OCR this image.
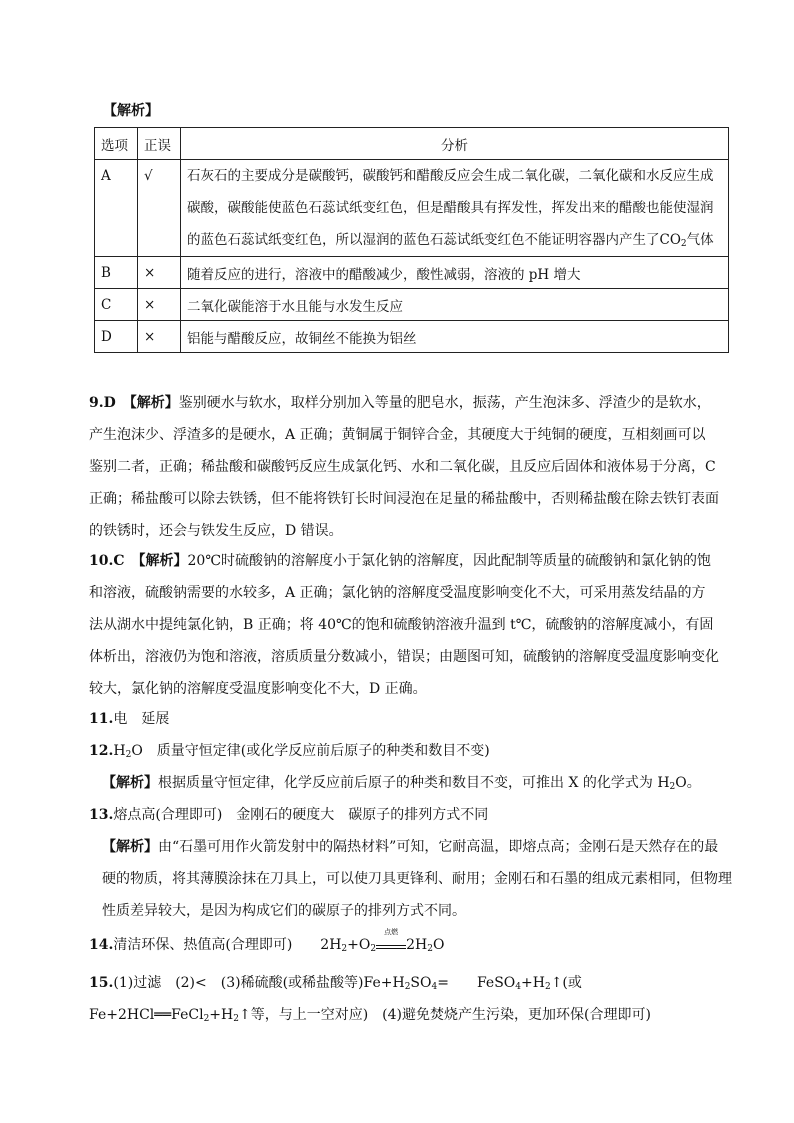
【解析】
选项	正误	分析
A	√	石灰石的主要成分是碳酸钙，碳酸钙和醋酸反应会生成二氧化碳，二氧化碳和水反应生成碳酸，碳酸能使蓝色石蕊试纸变红色，但是醋酸具有挥发性，挥发出来的醋酸也能使湿润的蓝色石蕊试纸变红色，所以湿润的蓝色石蕊试纸变红色不能证明容器内产生了$CO_2$气体
B	×	随着反应的进行，溶液中的醋酸减少，酸性减弱，溶液的 pH 增大
C	×	二氧化碳能溶于水且能与水发生反应
D	×	铝能与醋酸反应，故铜丝不能换为铝丝
9.D　 【解析】鉴别硬水与软水，取样分别加入等量的肥皂水，振荡，产生泡沫多、浮渣少的是软水，产生泡沫少、浮渣多的是硬水，A 正确；黄铜属于铜锌合金，其硬度大于纯铜的硬度，互相刻画可以鉴别二者，正确；稀盐酸和碳酸钙反应生成氯化钙、水和二氧化碳，且反应后固体和液体易于分离，C 正确；稀盐酸可以除去铁锈，但不能将铁钉长时间浸泡在足量的稀盐酸中，否则稀盐酸在除去铁钉表面的铁锈时，还会与铁发生反应，D 错误。
10.C　 【解析】20℃时硫酸钠的溶解度小于氯化钠的溶解度，因此配制等质量的硫酸钠和氯化钠的饱和溶液，硫酸钠需要的水较多，A 正确；氯化钠的溶解度受温度影响变化不大，可采用蒸发结晶的方法从湖水中提纯氯化钠，B 正确；将 40℃的饱和硫酸钠溶液升温到 t℃，硫酸钠的溶解度减小，有固体析出，溶液仍为饱和溶液，溶质质量分数减小，错误；由题图可知，硫酸钠的溶解度受温度影响变化较大，氯化钠的溶解度受温度影响变化不大，D 正确。
11.电　延展
$12.H_2O$　 质量守恒定律(或化学反应前后原子的种类和数目不变)
【解析】根据质量守恒定律，化学反应前后原子的种类和数目不变，可推出 X 的化学式为 $H_2O$。
13.熔点高(合理即可)　金刚石的硬度大　碳原子的排列方式不同
【解析】由“石墨可用作火箭发射中的隔热材料”可知，它耐高温，即熔点高；金刚石是天然存在的最硬的物质，将其薄膜涂抹在刀具上，可以使刀具更锋利、耐用；金刚石和石墨的组成元素相同，但物理性质差异较大，是因为构成它们的碳原子的排列方式不同。
14.清洁环保、热值高(合理即可)　　 $2H_2+O_2$
点燃
$2H_2O$
15.(1)过滤　(2)<　(3)稀硫酸(或稀盐酸等)$Fe+H_2SO_4=$　　$FeSO_4+H_2↑$(或 $Fe+2HCl══FeCl_2+H_2↑$等，与上一空对应)　(4)避免焚烧产生污染，更加环保(合理即可)
